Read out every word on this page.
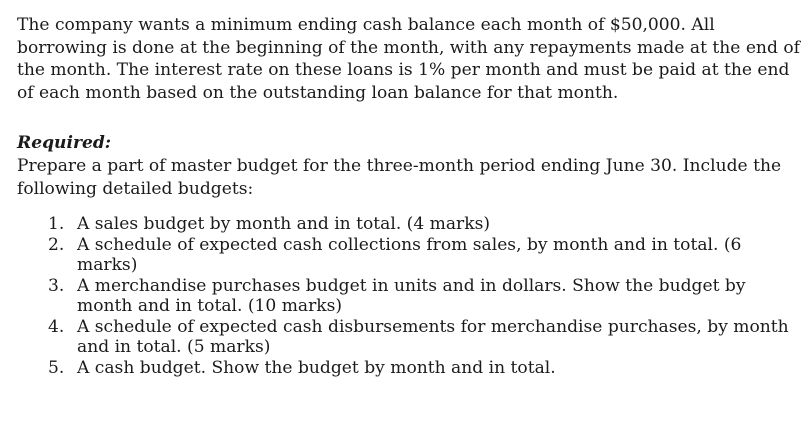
The company wants a minimum ending cash balance each month of $50,000. All borrowing is done at the beginning of the month, with any repayments made at the end of the month. The interest rate on these loans is 1% per month and must be paid at the end of each month based on the outstanding loan balance for that month.

Required:

Prepare a part of master budget for the three-month period ending June 30. Include the following detailed budgets:

1. A sales budget by month and in total. (4 marks)
2. A schedule of expected cash collections from sales, by month and in total. (6 marks)
3. A merchandise purchases budget in units and in dollars. Show the budget by month and in total. (10 marks)
4. A schedule of expected cash disbursements for merchandise purchases, by month and in total. (5 marks)
5. A cash budget. Show the budget by month and in total.
